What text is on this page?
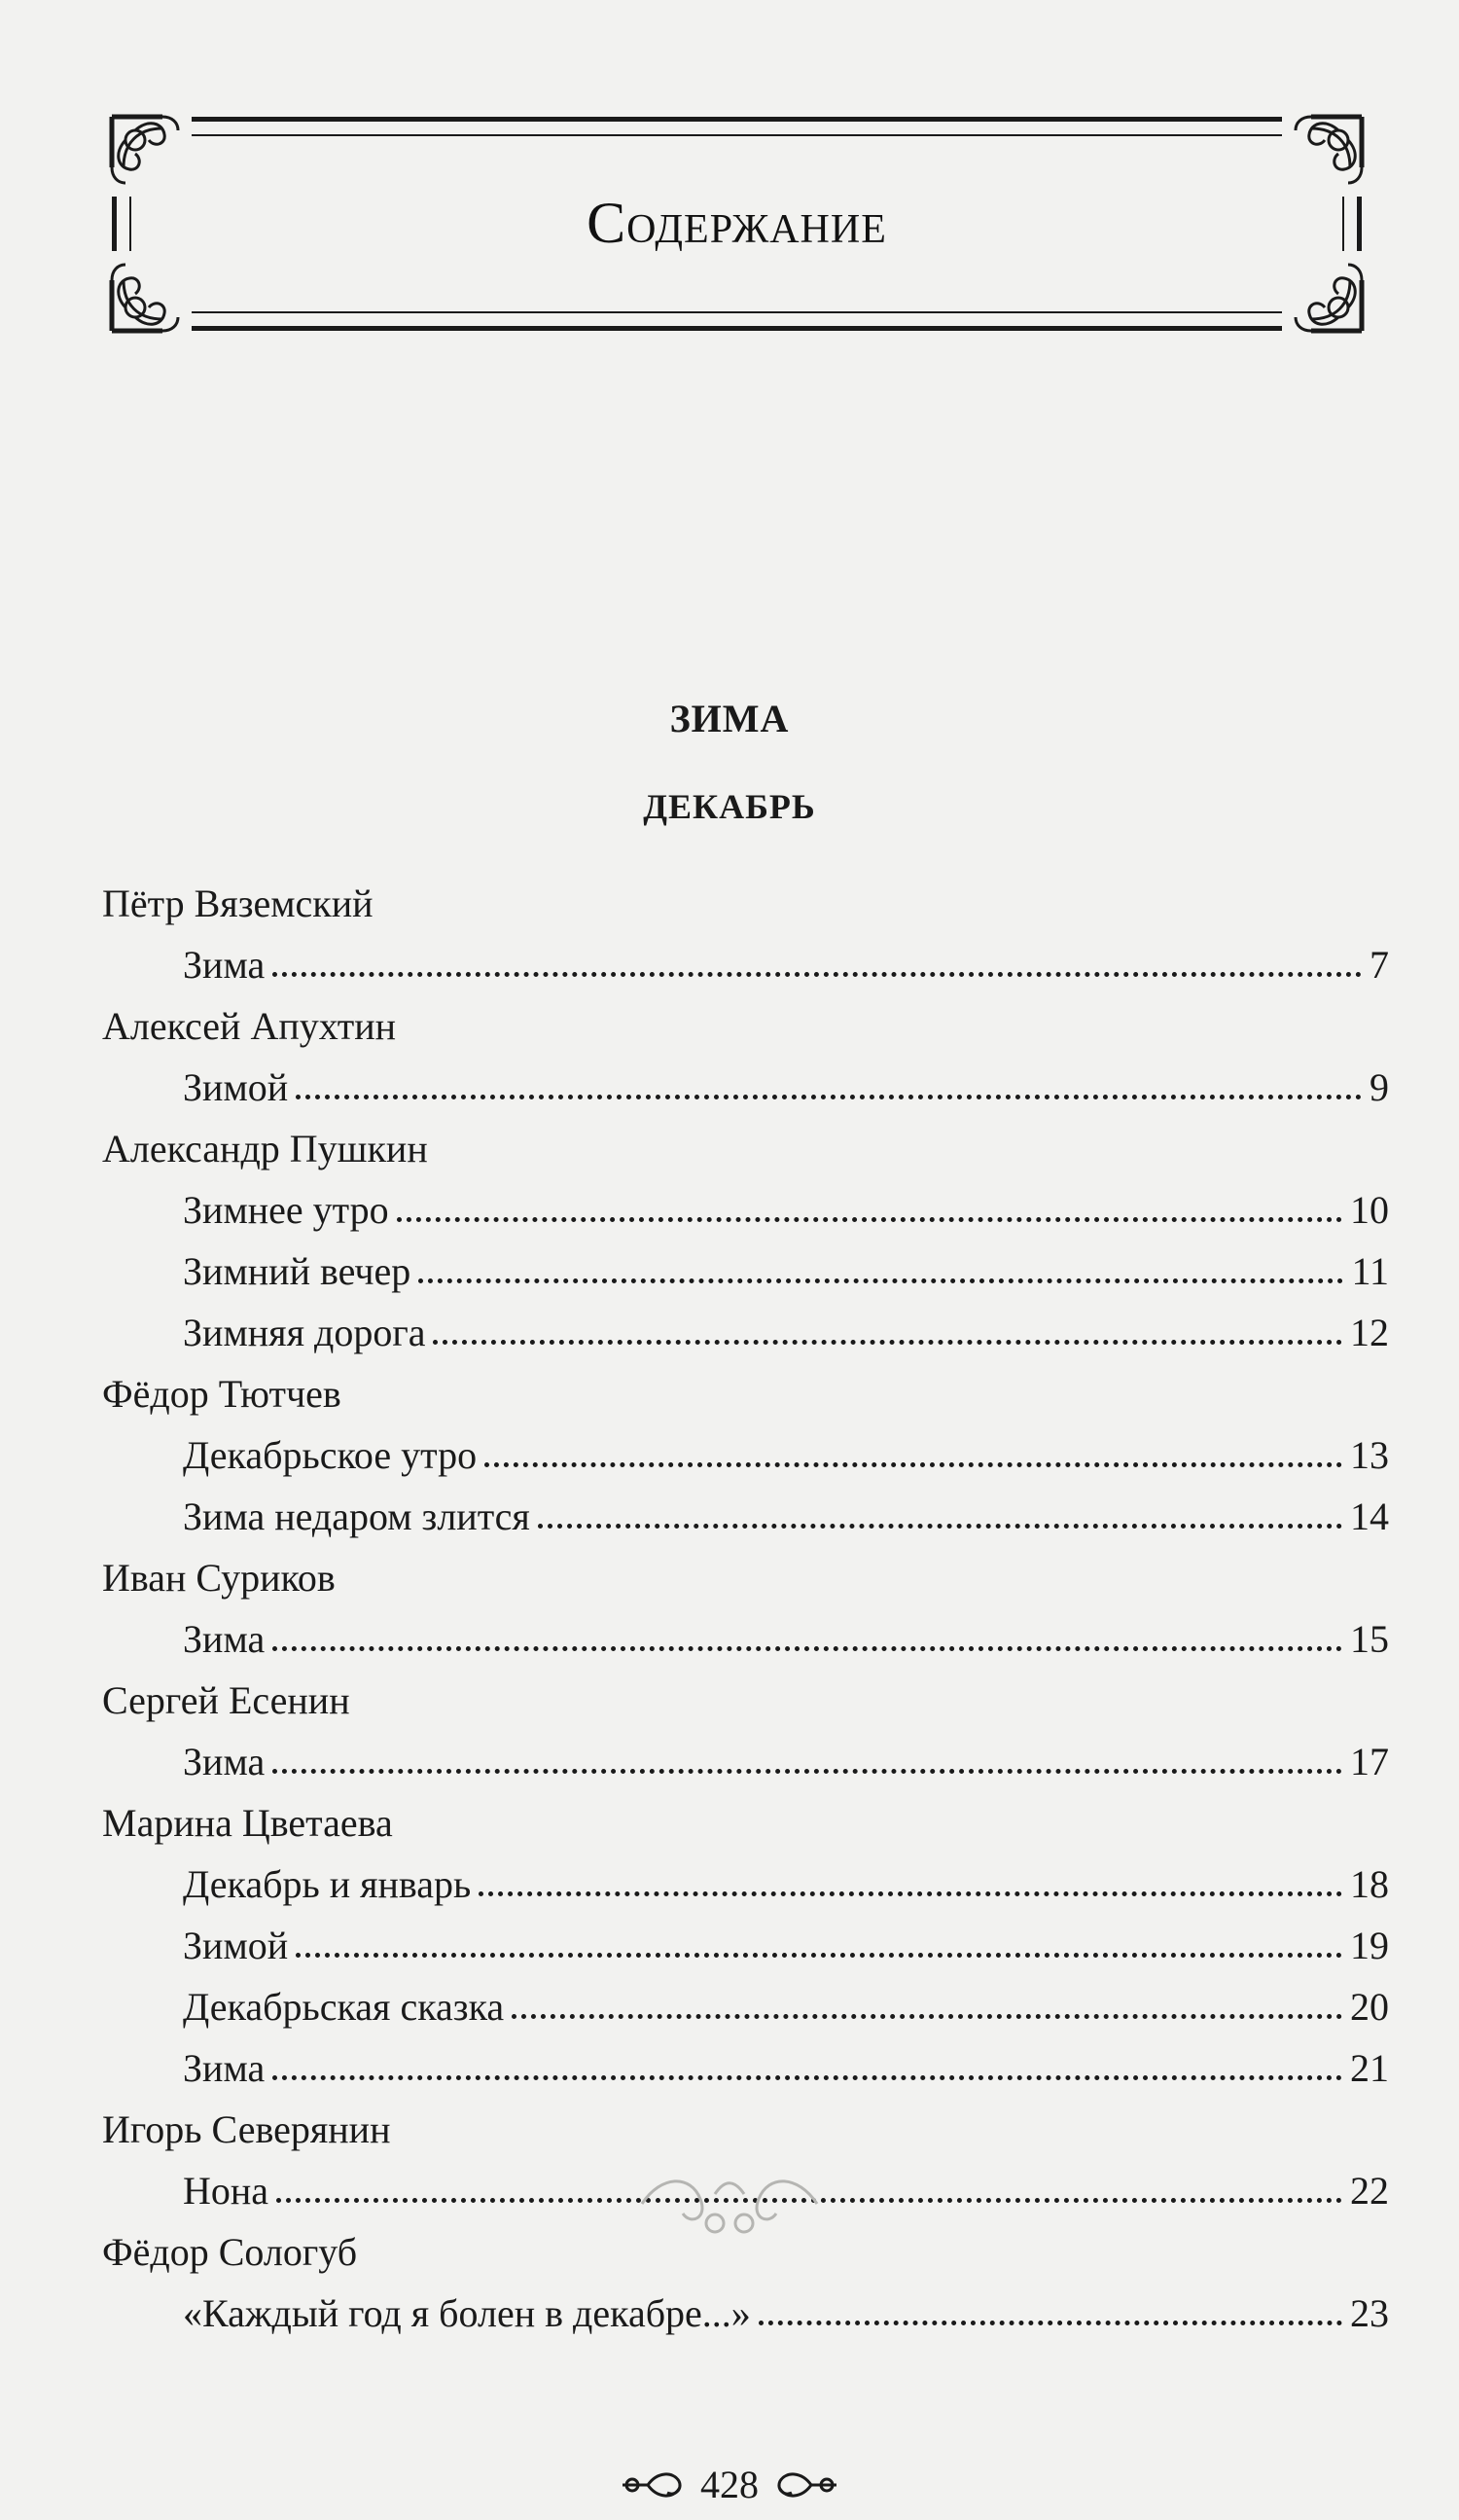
Содержание
ЗИМА
ДЕКАБРЬ
Пётр Вяземский
Зима	7
Алексей Апухтин
Зимой	9
Александр Пушкин
Зимнее утро	10
Зимний вечер	11
Зимняя дорога	12
Фёдор Тютчев
Декабрьское утро	13
Зима недаром злится	14
Иван Суриков
Зима	15
Сергей Есенин
Зима	17
Марина Цветаева
Декабрь и январь	18
Зимой	19
Декабрьская сказка	20
Зима	21
Игорь Северянин
Нона	22
Фёдор Сологуб
«Каждый год я болен в декабре...»	23
428
